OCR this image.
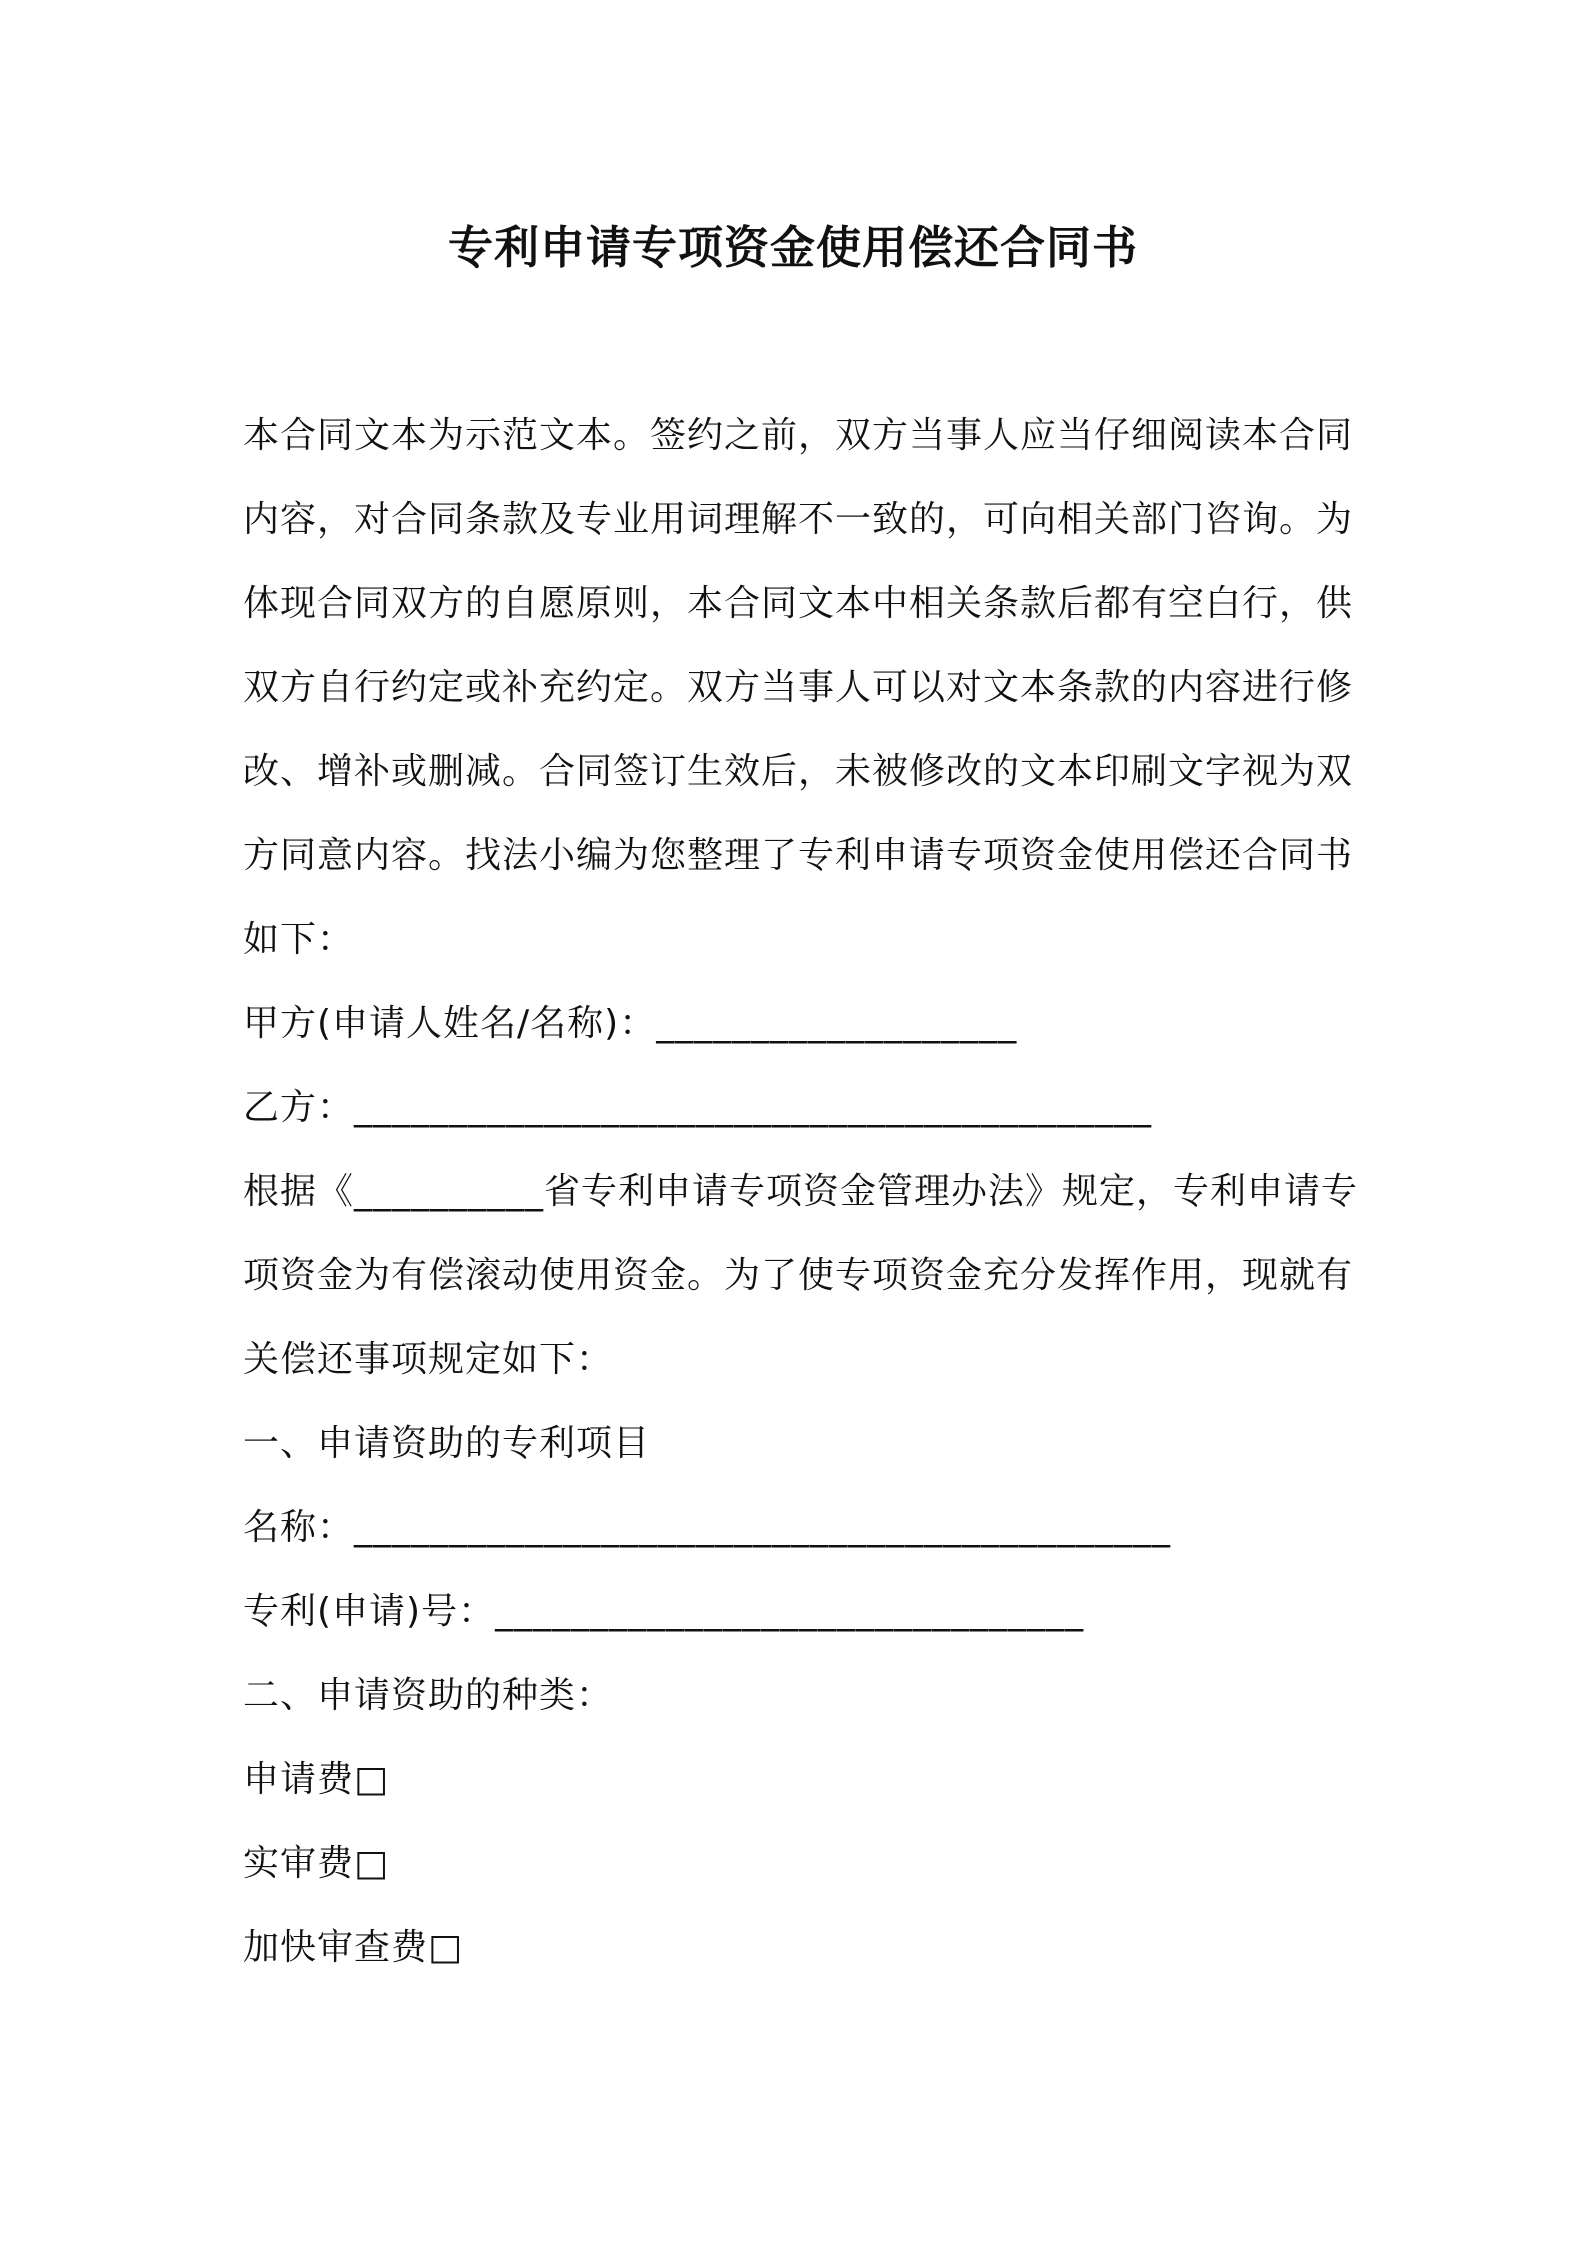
专利申请专项资金使用偿还合同书
本合同文本为示范文本。签约之前，双方当事人应当仔细阅读本合同
内容，对合同条款及专业用词理解不一致的，可向相关部门咨询。为
体现合同双方的自愿原则，本合同文本中相关条款后都有空白行，供
双方自行约定或补充约定。双方当事人可以对文本条款的内容进行修
改、增补或删减。合同签订生效后，未被修改的文本印刷文字视为双
方同意内容。找法小编为您整理了专利申请专项资金使用偿还合同书
如下：
甲方(申请人姓名/名称)：___________________
乙方：__________________________________________
根据《__________省专利申请专项资金管理办法》规定，专利申请专
项资金为有偿滚动使用资金。为了使专项资金充分发挥作用，现就有
关偿还事项规定如下：
一、申请资助的专利项目
名称：___________________________________________
专利(申请)号：_______________________________
二、申请资助的种类：
申请费□
实审费□
加快审查费□
